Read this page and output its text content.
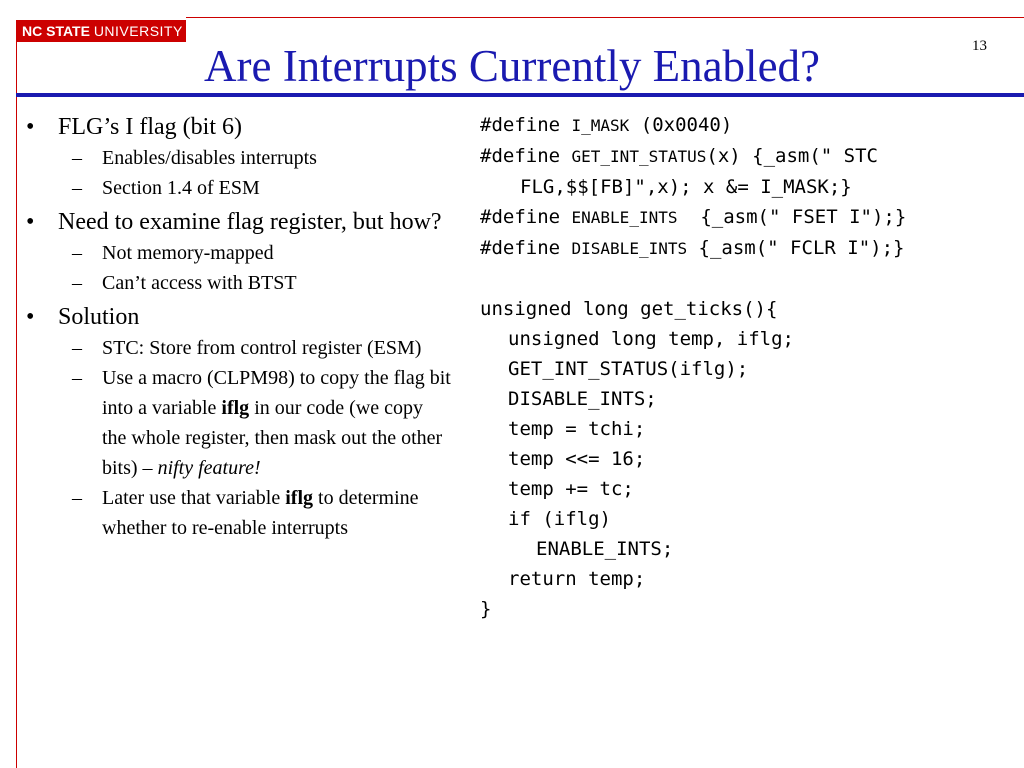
NC STATE UNIVERSITY
Are Interrupts Currently Enabled?	13
• FLG’s I flag (bit 6)
– Enables/disables interrupts
– Section 1.4 of ESM
• Need to examine flag register, but how?
– Not memory-mapped
– Can’t access with BTST
• Solution
– STC: Store from control register (ESM)
– Use a macro (CLPM98) to copy the flag bit into a variable iflg in our code (we copy the whole register, then mask out the other bits) – nifty feature!
– Later use that variable iflg to determine whether to re-enable interrupts
#define I_MASK (0x0040)
#define GET_INT_STATUS(x) {_asm(" STC
FLG,$$[FB]",x); x &= I_MASK;}
#define ENABLE_INTS  {_asm(" FSET I");}
#define DISABLE_INTS {_asm(" FCLR I");}
unsigned long get_ticks(){
unsigned long temp, iflg;
GET_INT_STATUS(iflg);
DISABLE_INTS;
temp = tchi;
temp <<= 16;
temp += tc;
if (iflg)
ENABLE_INTS;
return temp;
}
